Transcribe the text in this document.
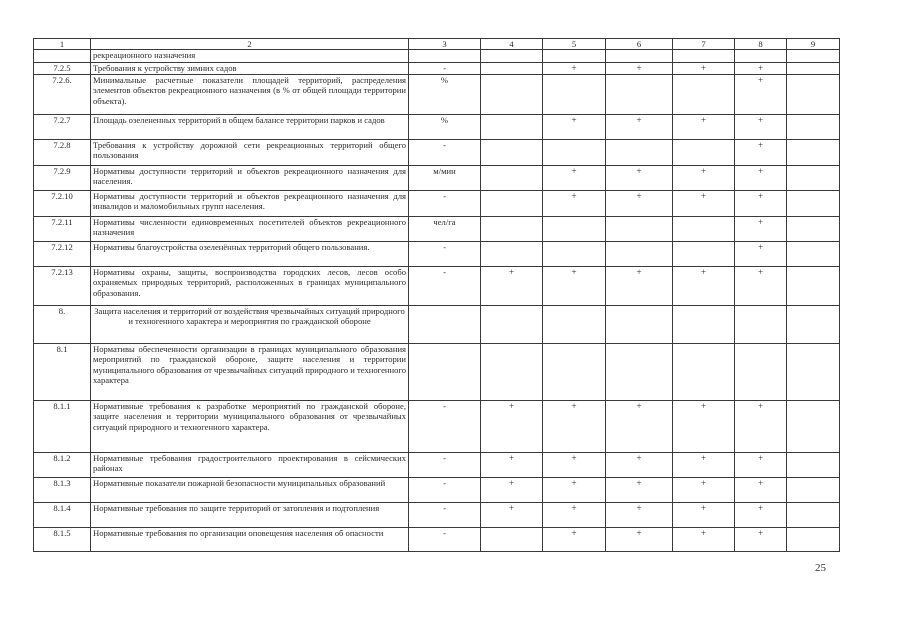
1	2	3	4	5	6	7	8	9
	рекреационного назначения							
7.2.5	Требования к устройству зимних садов	-		+	+	+	+	
7.2.6.	Минимальные расчетные показатели площадей территорий, распределения элементов объектов рекреационного назначения (в % от общей площади территории объекта).	%					+	
7.2.7	Площадь озелененных территорий в общем балансе территории парков и садов	%		+	+	+	+	
7.2.8	Требования к устройству дорожной сети рекреационных территорий общего пользования	-					+	
7.2.9	Нормативы доступности территорий и объектов рекреационного назначения для населения.	м/мин		+	+	+	+	
7.2.10	Нормативы доступности территорий и объектов рекреационного назначения для инвалидов и маломобильных групп населения.	-		+	+	+	+	
7.2.11	Нормативы численности единовременных посетителей объектов рекреационного назначения	чел/га					+	
7.2.12	Нормативы благоустройства озеленённых территорий общего пользования.	-					+	
7.2.13	Нормативы охраны, защиты, воспроизводства городских лесов, лесов особо охраняемых природных территорий, расположенных в границах муниципального образования.	-	+	+	+	+	+	
8.	Защита населения и территорий от воздействия чрезвычайных ситуаций природного и техногенного характера и мероприятия по гражданской обороне							
8.1	Нормативы обеспеченности организации в границах муниципального образования мероприятий по гражданской обороне, защите населения и территории муниципального образования от чрезвычайных ситуаций природного и техногенного характера							
8.1.1	Нормативные требования к разработке мероприятий по гражданской обороне, защите населения и территории муниципального образования от чрезвычайных ситуаций природного и техногенного характера.	-	+	+	+	+	+	
8.1.2	Нормативные требования градостроительного проектирования в сейсмических районах	-	+	+	+	+	+	
8.1.3	Нормативные показатели пожарной безопасности муниципальных образований	-	+	+	+	+	+	
8.1.4	Нормативные требования по защите территорий от затопления и подтопления	-	+	+	+	+	+	
8.1.5	Нормативные требования по организации оповещения населения об опасности	-		+	+	+	+	
25
